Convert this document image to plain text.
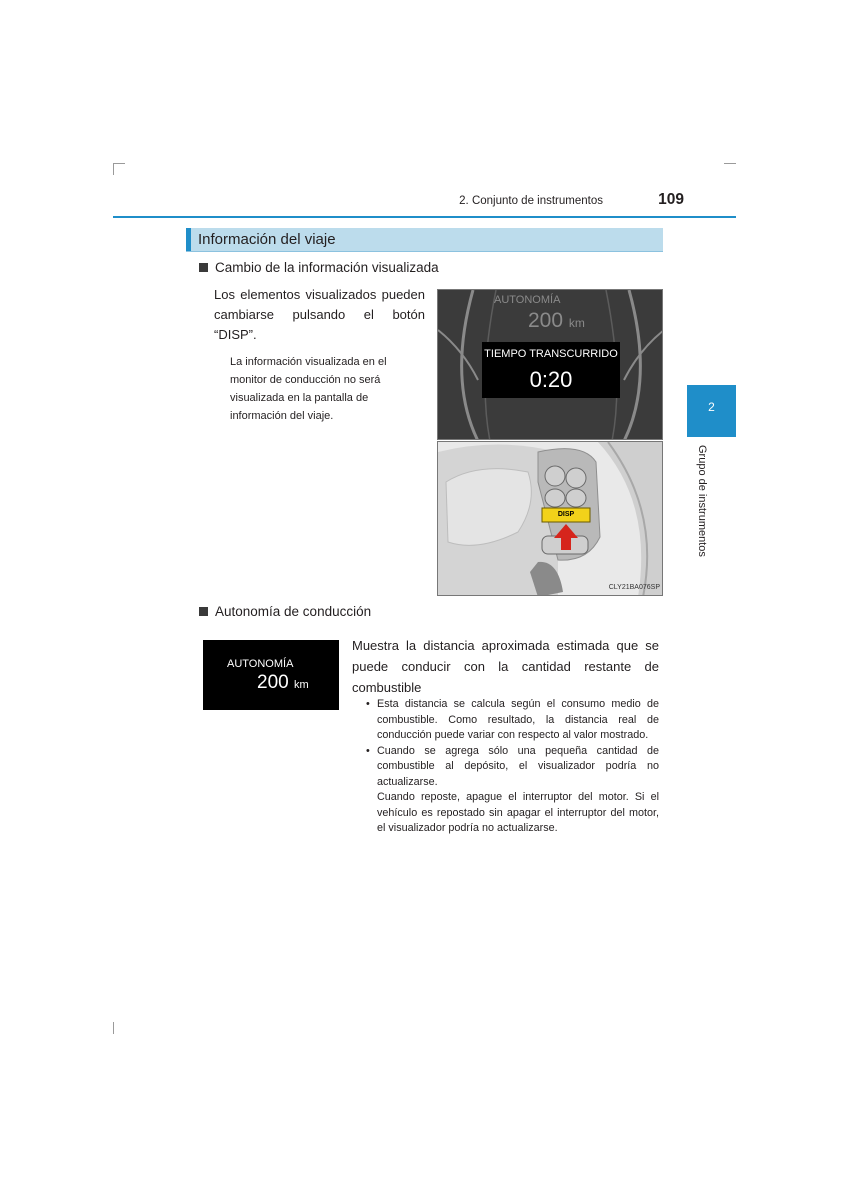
2. Conjunto de instrumentos	109
2
Grupo de instrumentos
Información del viaje
Cambio de la información visualizada
Los elementos visualizados pueden cambiarse pulsando el botón “DISP”.
La información visualizada en el monitor de conducción no será visualizada en la pantalla de información del viaje.
AUTONOMÍA
200 km
TIEMPO TRANSCURRIDO
0:20
DISP
CLY21BA076SP
Autonomía de conducción
AUTONOMÍA
200 km
Muestra la distancia aproximada estimada que se puede conducir con la cantidad restante de combustible
• Esta distancia se calcula según el consumo medio de combustible. Como resultado, la distancia real de conducción puede variar con respecto al valor mostrado.
• Cuando se agrega sólo una pequeña cantidad de combustible al depósito, el visualizador podría no actualizarse.
Cuando reposte, apague el interruptor del motor. Si el vehículo es repostado sin apagar el interruptor del motor, el visualizador podría no actualizarse.
